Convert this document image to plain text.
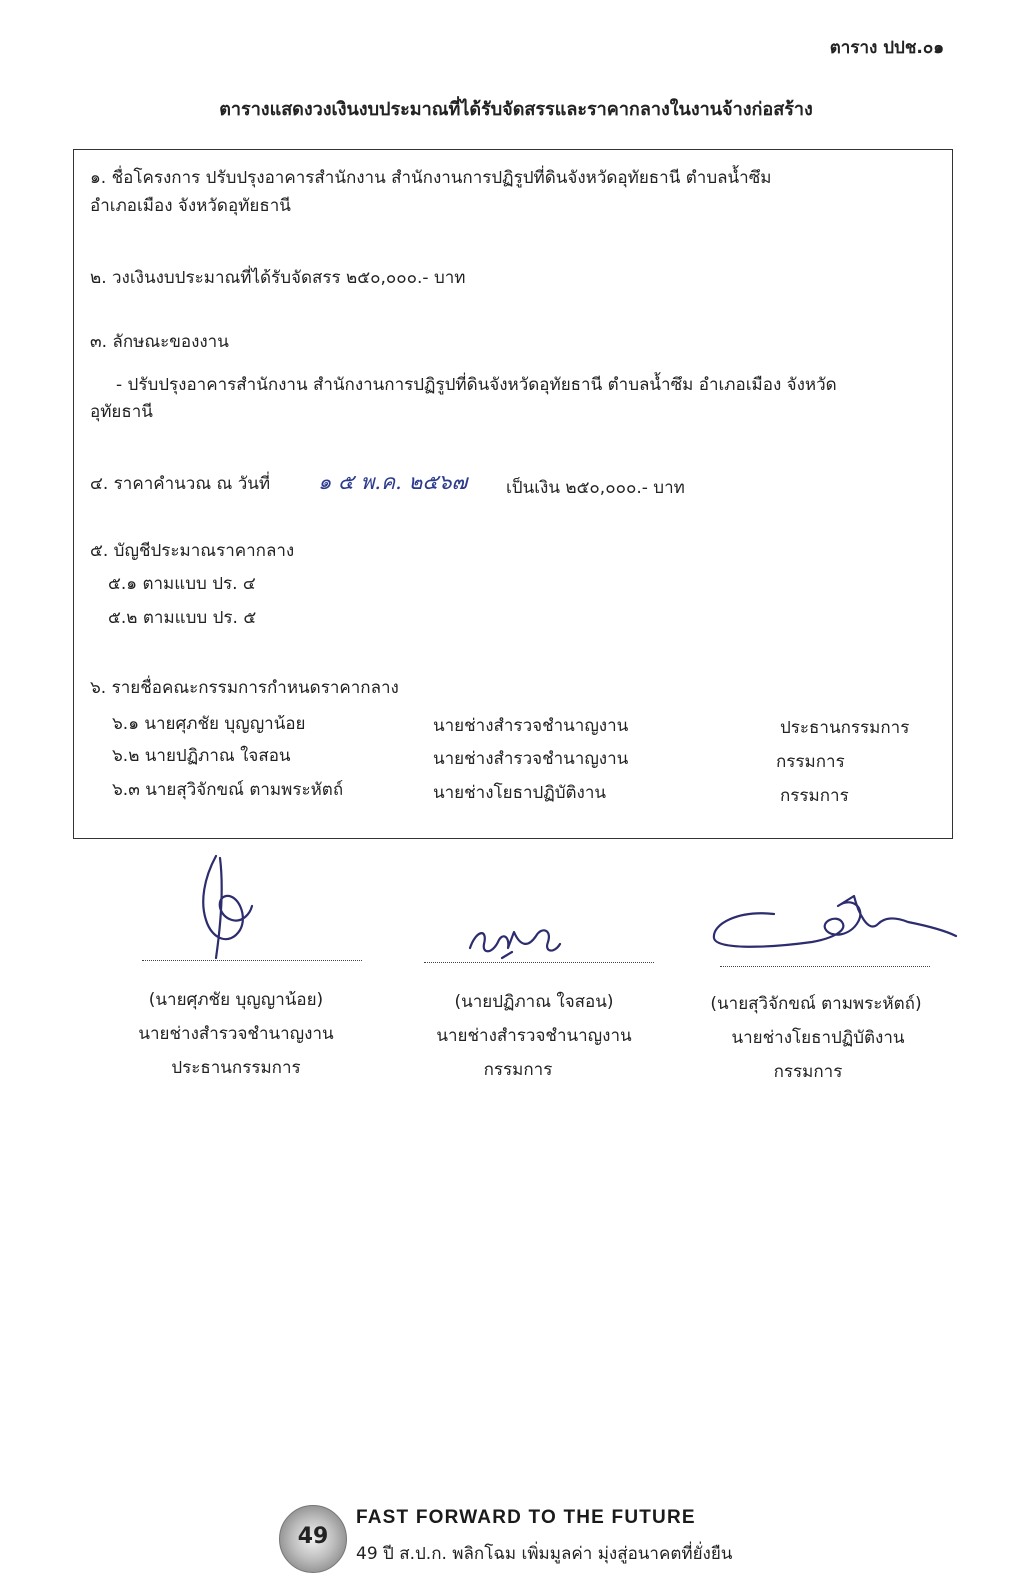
ตาราง ปปช.๐๑
ตารางแสดงวงเงินงบประมาณที่ได้รับจัดสรรและราคากลางในงานจ้างก่อสร้าง
๑. ชื่อโครงการ ปรับปรุงอาคารสำนักงาน สำนักงานการปฏิรูปที่ดินจังหวัดอุทัยธานี ตำบลน้ำซึม
อำเภอเมือง จังหวัดอุทัยธานี
๒. วงเงินงบประมาณที่ได้รับจัดสรร ๒๕๐,๐๐๐.- บาท
๓. ลักษณะของงาน
- ปรับปรุงอาคารสำนักงาน สำนักงานการปฏิรูปที่ดินจังหวัดอุทัยธานี ตำบลน้ำซึม อำเภอเมือง จังหวัด
อุทัยธานี
๔. ราคาคำนวณ ณ วันที่ ๑ ๕ พ.ค. ๒๕๖๗ เป็นเงิน ๒๕๐,๐๐๐.- บาท
๕. บัญชีประมาณราคากลาง
๕.๑ ตามแบบ ปร. ๔
๕.๒ ตามแบบ ปร. ๕
๖. รายชื่อคณะกรรมการกำหนดราคากลาง
๖.๑ นายศุภชัย บุญญาน้อย	นายช่างสำรวจชำนาญงาน	ประธานกรรมการ
๖.๒ นายปฏิภาณ ใจสอน	นายช่างสำรวจชำนาญงาน	กรรมการ
๖.๓ นายสุวิจักขณ์ ตามพระหัตถ์	นายช่างโยธาปฏิบัติงาน	กรรมการ
(นายศุภชัย บุญญาน้อย)
นายช่างสำรวจชำนาญงาน
ประธานกรรมการ
(นายปฏิภาณ ใจสอน)
นายช่างสำรวจชำนาญงาน
กรรมการ
(นายสุวิจักขณ์ ตามพระหัตถ์)
นายช่างโยธาปฏิบัติงาน
กรรมการ
49
FAST FORWARD TO THE FUTURE
49 ปี ส.ป.ก. พลิกโฉม เพิ่มมูลค่า มุ่งสู่อนาคตที่ยั่งยืน
